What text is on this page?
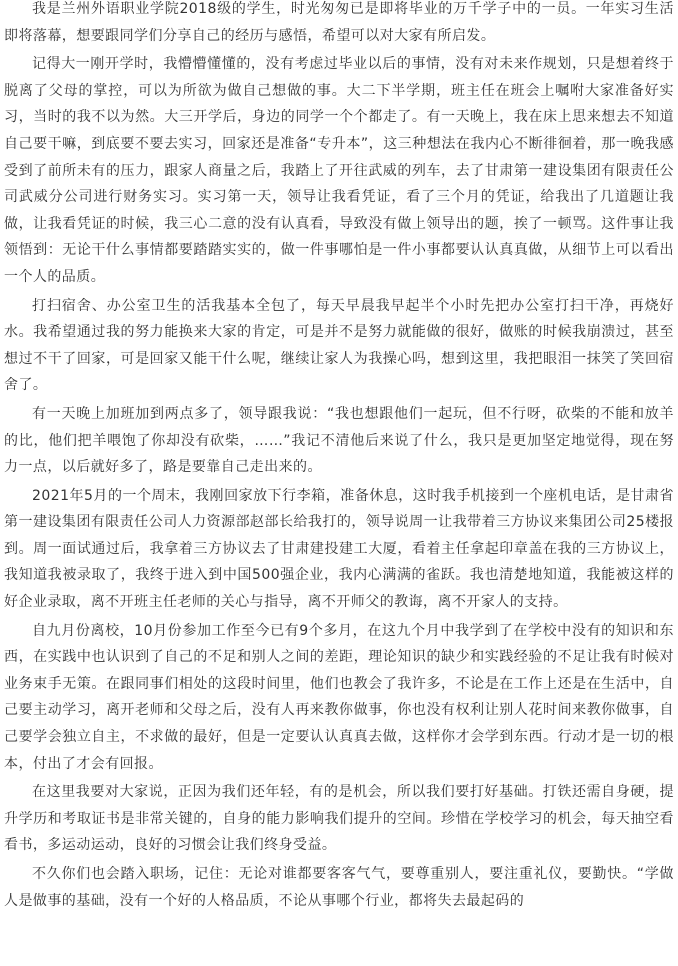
我是兰州外语职业学院2018级的学生，时光匆匆已是即将毕业的万千学子中的一员。一年实习生活即将落幕，想要跟同学们分享自己的经历与感悟，希望可以对大家有所启发。

记得大一刚开学时，我懵懵懂懂的，没有考虑过毕业以后的事情，没有对未来作规划，只是想着终于脱离了父母的掌控，可以为所欲为做自己想做的事。大二下半学期，班主任在班会上嘱咐大家准备好实习，当时的我不以为然。大三开学后，身边的同学一个个都走了。有一天晚上，我在床上思来想去不知道自己要干嘛，到底要不要去实习，回家还是准备“专升本”，这三种想法在我内心不断徘徊着，那一晚我感受到了前所未有的压力，跟家人商量之后，我踏上了开往武威的列车，去了甘肃第一建设集团有限责任公司武威分公司进行财务实习。实习第一天，领导让我看凭证，看了三个月的凭证，给我出了几道题让我做，让我看凭证的时候，我三心二意的没有认真看，导致没有做上领导出的题，挨了一顿骂。这件事让我领悟到：无论干什么事情都要踏踏实实的，做一件事哪怕是一件小事都要认认真真做，从细节上可以看出一个人的品质。

打扫宿舍、办公室卫生的活我基本全包了，每天早晨我早起半个小时先把办公室打扫干净，再烧好水。我希望通过我的努力能换来大家的肯定，可是并不是努力就能做的很好，做账的时候我崩溃过，甚至想过不干了回家，可是回家又能干什么呢，继续让家人为我操心吗，想到这里，我把眼泪一抹笑了笑回宿舍了。

有一天晚上加班加到两点多了，领导跟我说：“我也想跟他们一起玩，但不行呀，砍柴的不能和放羊的比，他们把羊喂饱了你却没有砍柴，……”我记不清他后来说了什么，我只是更加坚定地觉得，现在努力一点，以后就好多了，路是要靠自己走出来的。

2021年5月的一个周末，我刚回家放下行李箱，准备休息，这时我手机接到一个座机电话，是甘肃省第一建设集团有限责任公司人力资源部赵部长给我打的，领导说周一让我带着三方协议来集团公司25楼报到。周一面试通过后，我拿着三方协议去了甘肃建投建工大厦，看着主任拿起印章盖在我的三方协议上，我知道我被录取了，我终于进入到中国500强企业，我内心满满的雀跃。我也清楚地知道，我能被这样的好企业录取，离不开班主任老师的关心与指导，离不开师父的教诲，离不开家人的支持。

自九月份离校，10月份参加工作至今已有9个多月，在这九个月中我学到了在学校中没有的知识和东西，在实践中也认识到了自己的不足和别人之间的差距，理论知识的缺少和实践经验的不足让我有时候对业务束手无策。在跟同事们相处的这段时间里，他们也教会了我许多，不论是在工作上还是在生活中，自己要主动学习，离开老师和父母之后，没有人再来教你做事，你也没有权利让别人花时间来教你做事，自己要学会独立自主，不求做的最好，但是一定要认认真真去做，这样你才会学到东西。行动才是一切的根本，付出了才会有回报。

在这里我要对大家说，正因为我们还年轻，有的是机会，所以我们要打好基础。打铁还需自身硬，提升学历和考取证书是非常关键的，自身的能力影响我们提升的空间。珍惜在学校学习的机会，每天抽空看看书，多运动运动，良好的习惯会让我们终身受益。

不久你们也会踏入职场，记住：无论对谁都要客客气气，要尊重别人，要注重礼仪，要勤快。“学做人是做事的基础，没有一个好的人格品质，不论从事哪个行业，都将失去最起码的
